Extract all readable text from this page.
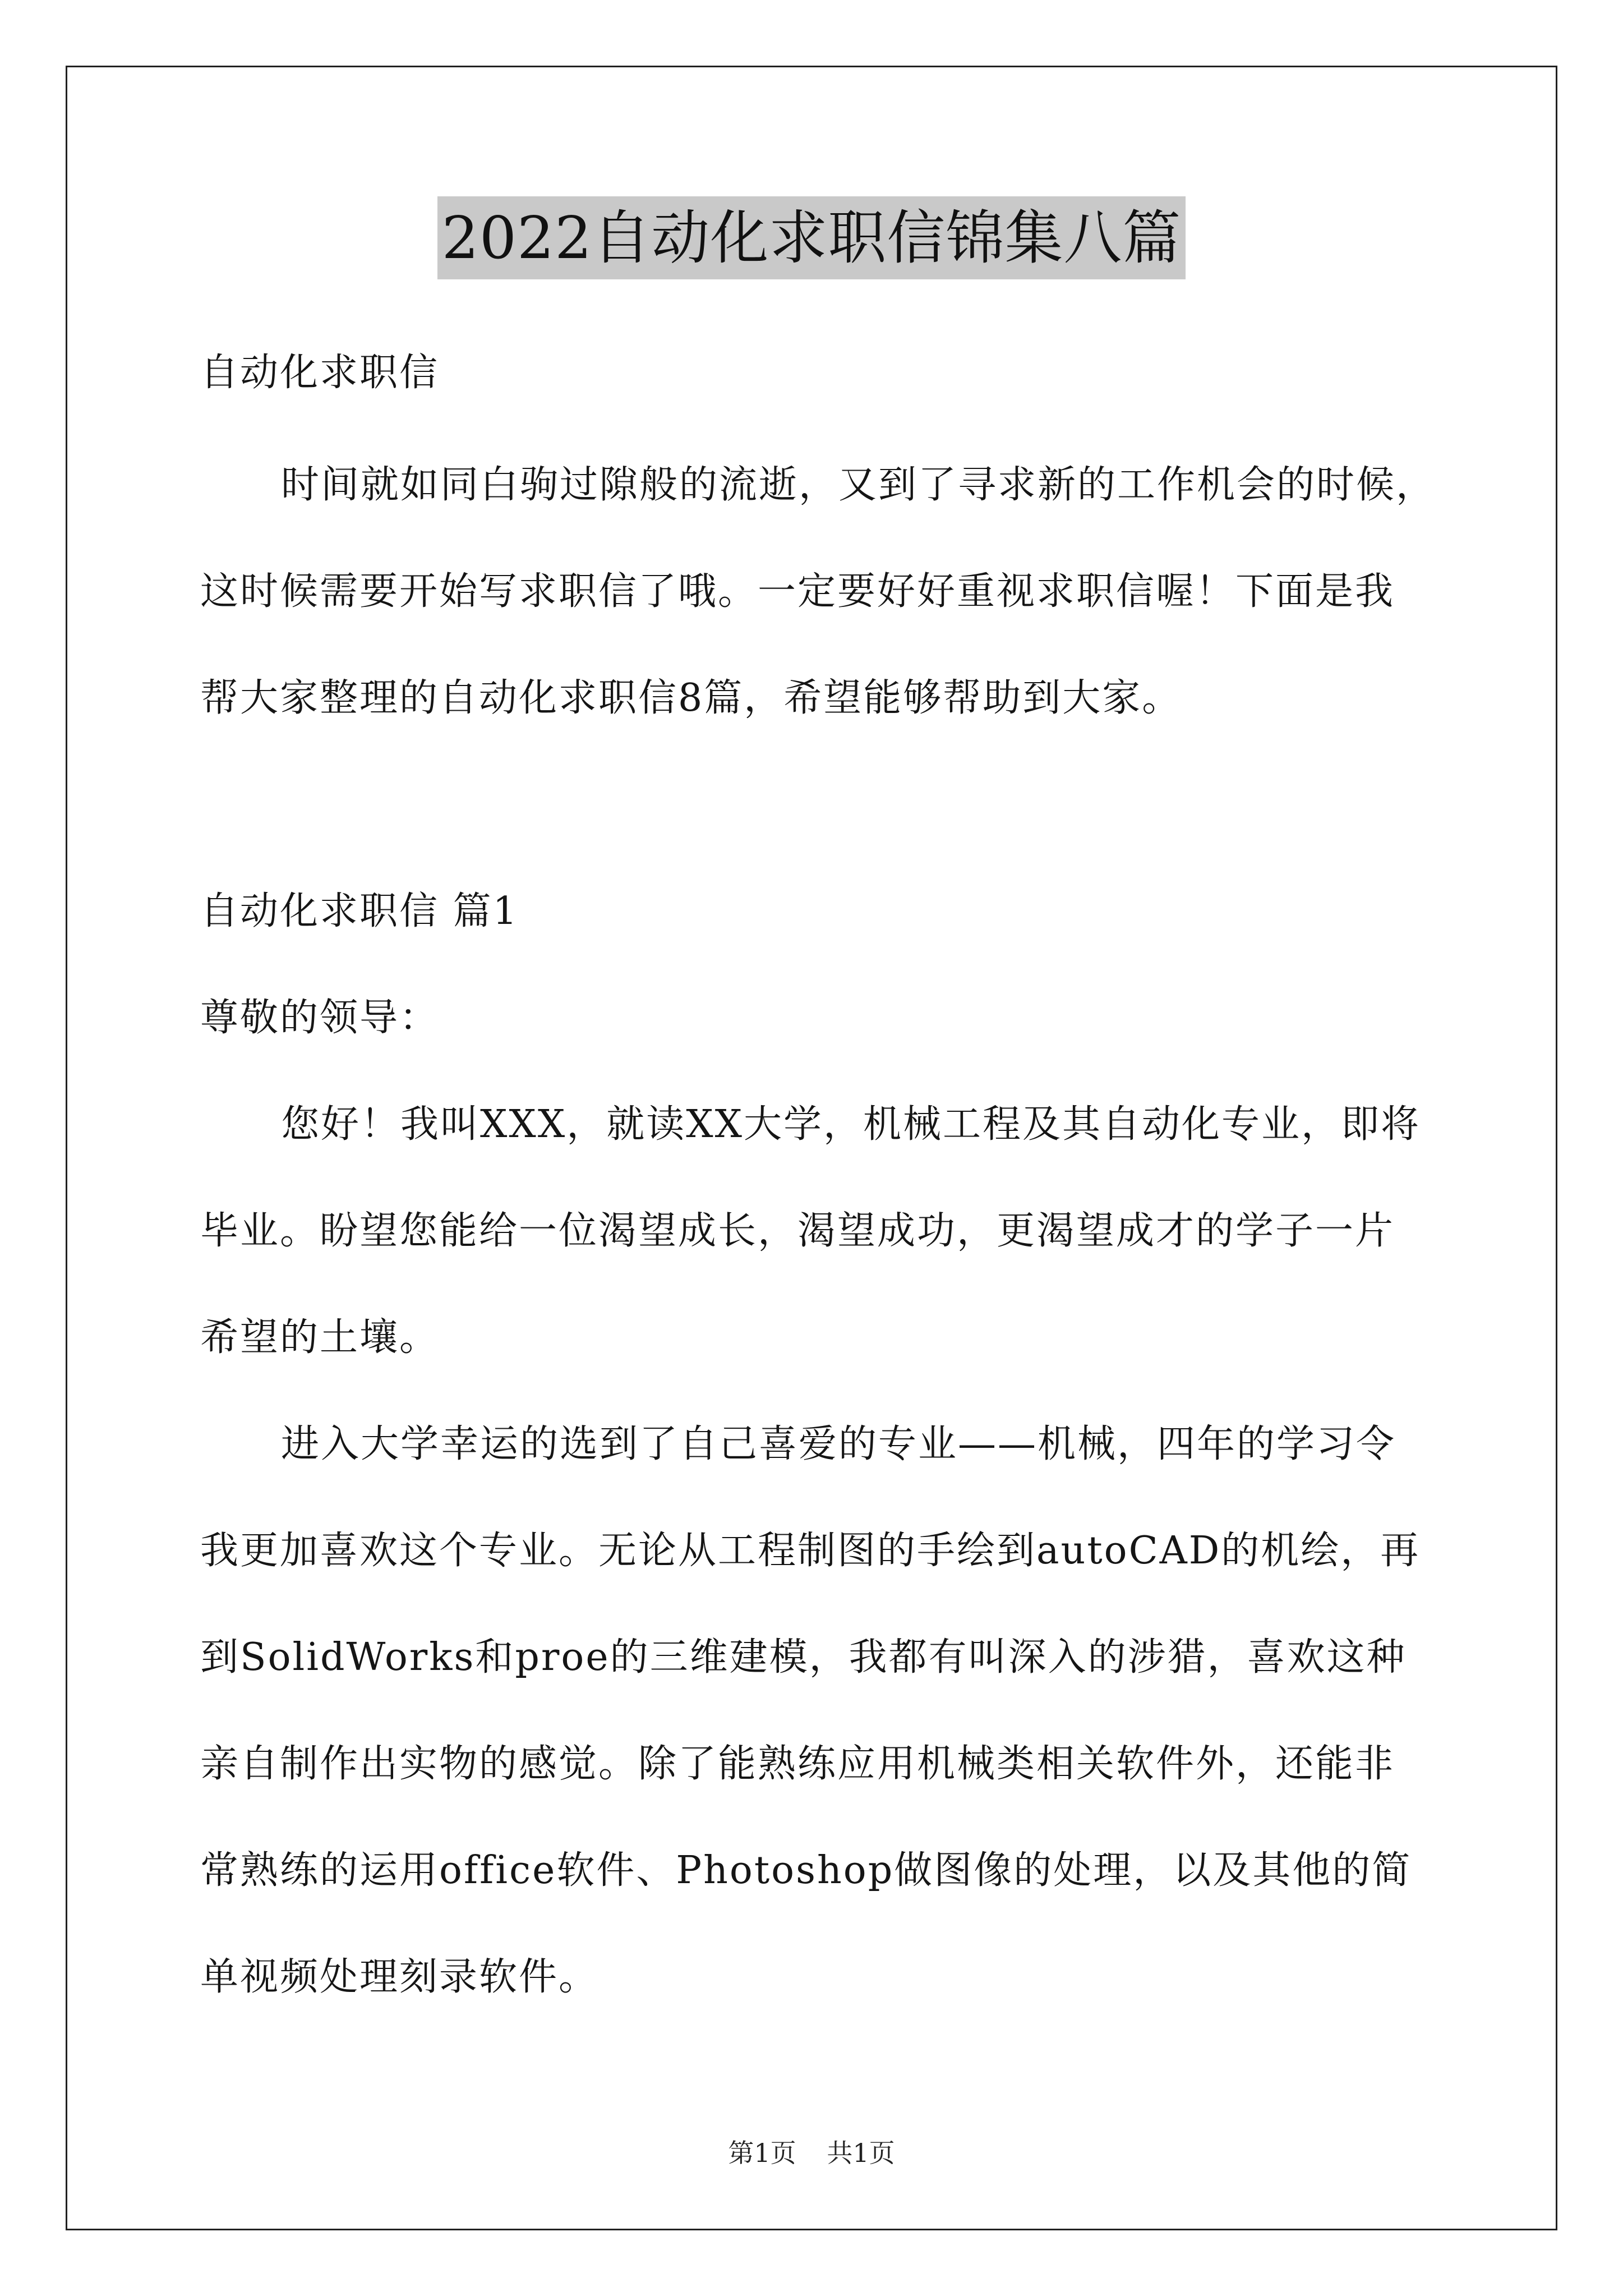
2022自动化求职信锦集八篇
自动化求职信
时间就如同白驹过隙般的流逝，又到了寻求新的工作机会的时候，
这时候需要开始写求职信了哦。一定要好好重视求职信喔！下面是我
帮大家整理的自动化求职信8篇，希望能够帮助到大家。
自动化求职信 篇1
尊敬的领导：
您好！我叫XXX，就读XX大学，机械工程及其自动化专业，即将
毕业。盼望您能给一位渴望成长，渴望成功，更渴望成才的学子一片
希望的土壤。
进入大学幸运的选到了自己喜爱的专业——机械，四年的学习令
我更加喜欢这个专业。无论从工程制图的手绘到autoCAD的机绘，再
到SolidWorks和proe的三维建模，我都有叫深入的涉猎，喜欢这种
亲自制作出实物的感觉。除了能熟练应用机械类相关软件外，还能非
常熟练的运用office软件、Photoshop做图像的处理，以及其他的简
单视频处理刻录软件。
第1页 共1页
